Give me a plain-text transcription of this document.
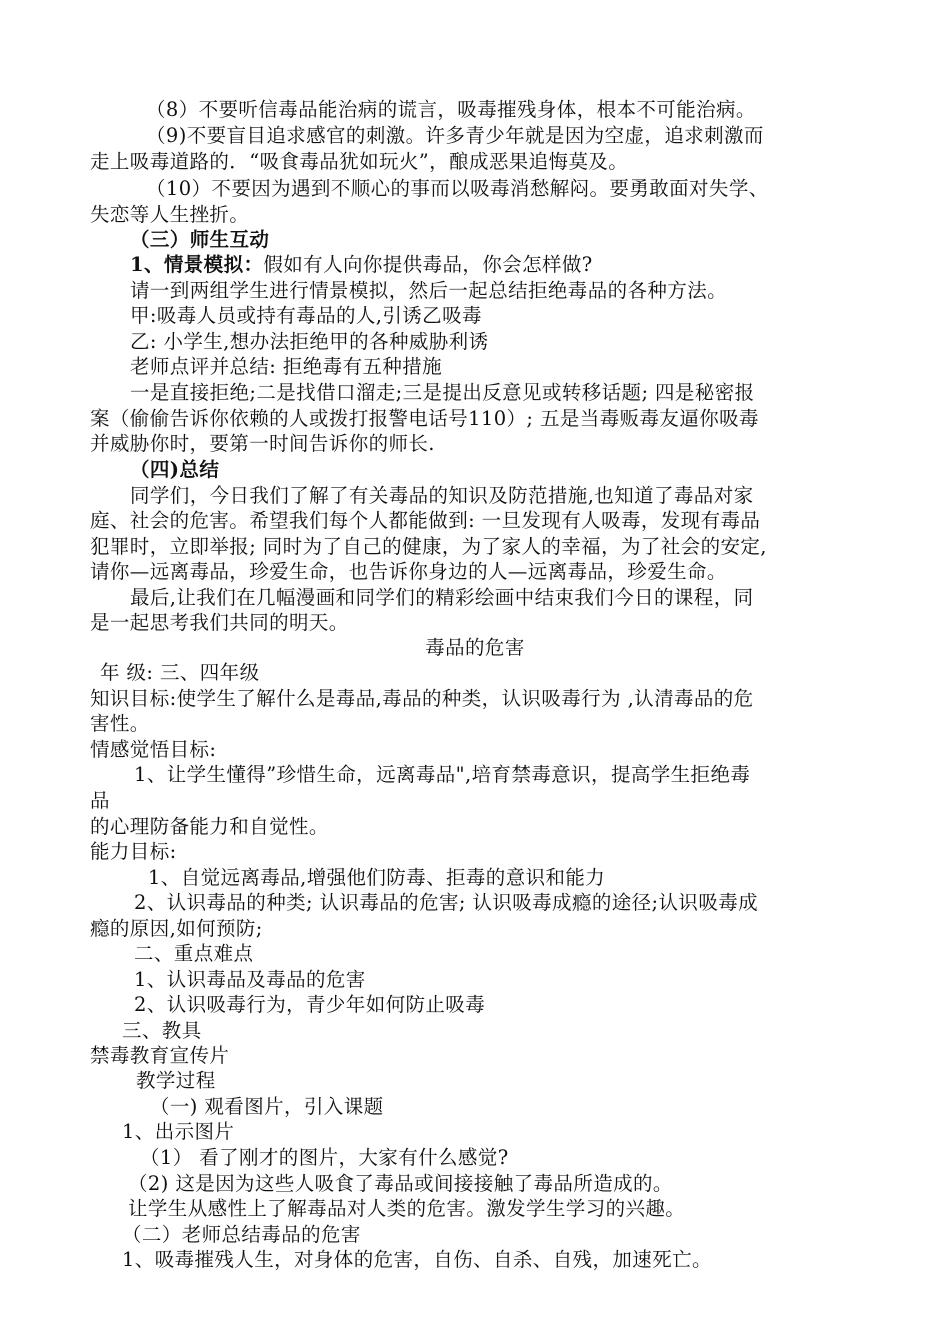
（8）不要听信毒品能治病的谎言，吸毒摧残身体，根本不可能治病。
（9)不要盲目追求感官的刺激。许多青少年就是因为空虚，追求刺激而
走上吸毒道路的．“吸食毒品犹如玩火”，酿成恶果追悔莫及。
（10）不要因为遇到不顺心的事而以吸毒消愁解闷。要勇敢面对失学、
失恋等人生挫折。
（三）师生互动
1、情景模拟：假如有人向你提供毒品，你会怎样做?
请一到两组学生进行情景模拟，然后一起总结拒绝毒品的各种方法。
甲:吸毒人员或持有毒品的人,引诱乙吸毒
乙: 小学生,想办法拒绝甲的各种威胁利诱
老师点评并总结: 拒绝毒有五种措施
一是直接拒绝;二是找借口溜走;三是提出反意见或转移话题; 四是秘密报
案（偷偷告诉你依赖的人或拨打报警电话号110）; 五是当毒贩毒友逼你吸毒
并威胁你时，要第一时间告诉你的师长.
（四)总结
同学们，今日我们了解了有关毒品的知识及防范措施,也知道了毒品对家
庭、社会的危害。希望我们每个人都能做到: 一旦发现有人吸毒，发现有毒品
犯罪时，立即举报; 同时为了自己的健康，为了家人的幸福，为了社会的安定,
请你—远离毒品，珍爱生命，也告诉你身边的人—远离毒品，珍爱生命。
最后,让我们在几幅漫画和同学们的精彩绘画中结束我们今日的课程，同
是一起思考我们共同的明天。
毒品的危害
年 级: 三、四年级
知识目标:使学生了解什么是毒品,毒品的种类，认识吸毒行为 ,认清毒品的危
害性。
情感觉悟目标:
1、让学生懂得”珍惜生命，远离毒品",培育禁毒意识，提高学生拒绝毒
品
的心理防备能力和自觉性。
能力目标:
1、自觉远离毒品,增强他们防毒、拒毒的意识和能力
2、认识毒品的种类; 认识毒品的危害; 认识吸毒成瘾的途径;认识吸毒成
瘾的原因,如何预防;
二、重点难点
1、认识毒品及毒品的危害
2、认识吸毒行为，青少年如何防止吸毒
三、教具
禁毒教育宣传片
教学过程
（一) 观看图片，引入课题
1、出示图片
（1） 看了刚才的图片，大家有什么感觉?
（2) 这是因为这些人吸食了毒品或间接接触了毒品所造成的。
让学生从感性上了解毒品对人类的危害。激发学生学习的兴趣。
（二）老师总结毒品的危害
1、吸毒摧残人生，对身体的危害，自伤、自杀、自残，加速死亡。
